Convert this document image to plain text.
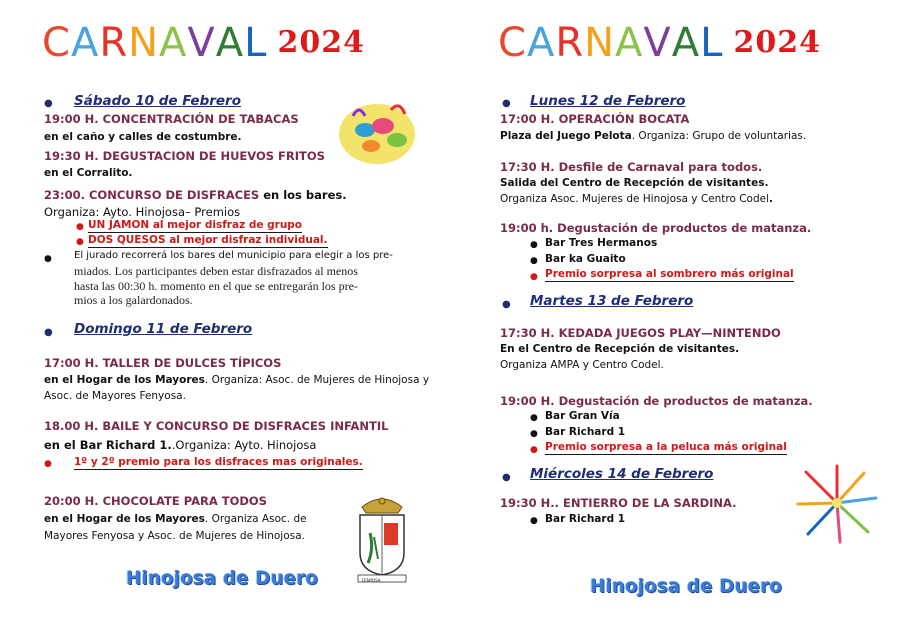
CARNAVAL 2024
● Sábado 10 de Febrero
19:00 H. CONCENTRACIÓN DE TABACAS
en el caño y calles de costumbre.
19:30 H. DEGUSTACION DE HUEVOS FRITOS
en el Corralito.
23:00. CONCURSO DE DISFRACES en los bares.
Organiza: Ayto. Hinojosa– Premios
● UN JAMON al mejor disfraz de grupo
● DOS QUESOS al mejor disfraz individual.
● El jurado recorrerá los bares del municipio para elegir a los pre-
miados. Los participantes deben estar disfrazados al menos
hasta las 00:30 h. momento en el que se entregarán los pre-
mios a los galardonados.
● Domingo 11 de Febrero
17:00 H. TALLER DE DULCES TÍPICOS
en el Hogar de los Mayores. Organiza: Asoc. de Mujeres de Hinojosa y
Asoc. de Mayores Fenyosa.
18.00 H. BAILE Y CONCURSO DE DISFRACES INFANTIL
en el Bar Richard 1..Organiza: Ayto. Hinojosa
● 1º y 2º premio para los disfraces mas originales.
20:00 H. CHOCOLATE PARA TODOS
en el Hogar de los Mayores. Organiza Asoc. de
Mayores Fenyosa y Asoc. de Mujeres de Hinojosa.
FENYOSA
Hinojosa de Duero
CARNAVAL 2024
● Lunes 12 de Febrero
17:00 H. OPERACIÓN BOCATA
Plaza del Juego Pelota. Organiza: Grupo de voluntarias.
17:30 H. Desfile de Carnaval para todos.
Salida del Centro de Recepción de visitantes.
Organiza Asoc. Mujeres de Hinojosa y Centro Codel.
19:00 h. Degustación de productos de matanza.
● Bar Tres Hermanos
● Bar ka Guaito
● Premio sorpresa al sombrero más original
● Martes 13 de Febrero
17:30 H. KEDADA JUEGOS PLAY—NINTENDO
En el Centro de Recepción de visitantes.
Organiza AMPA y Centro Codel.
19:00 H. Degustación de productos de matanza.
● Bar Gran Vía
● Bar Richard 1
● Premio sorpresa a la peluca más original
● Miércoles 14 de Febrero
19:30 H.. ENTIERRO DE LA SARDINA.
● Bar Richard 1
Hinojosa de Duero
